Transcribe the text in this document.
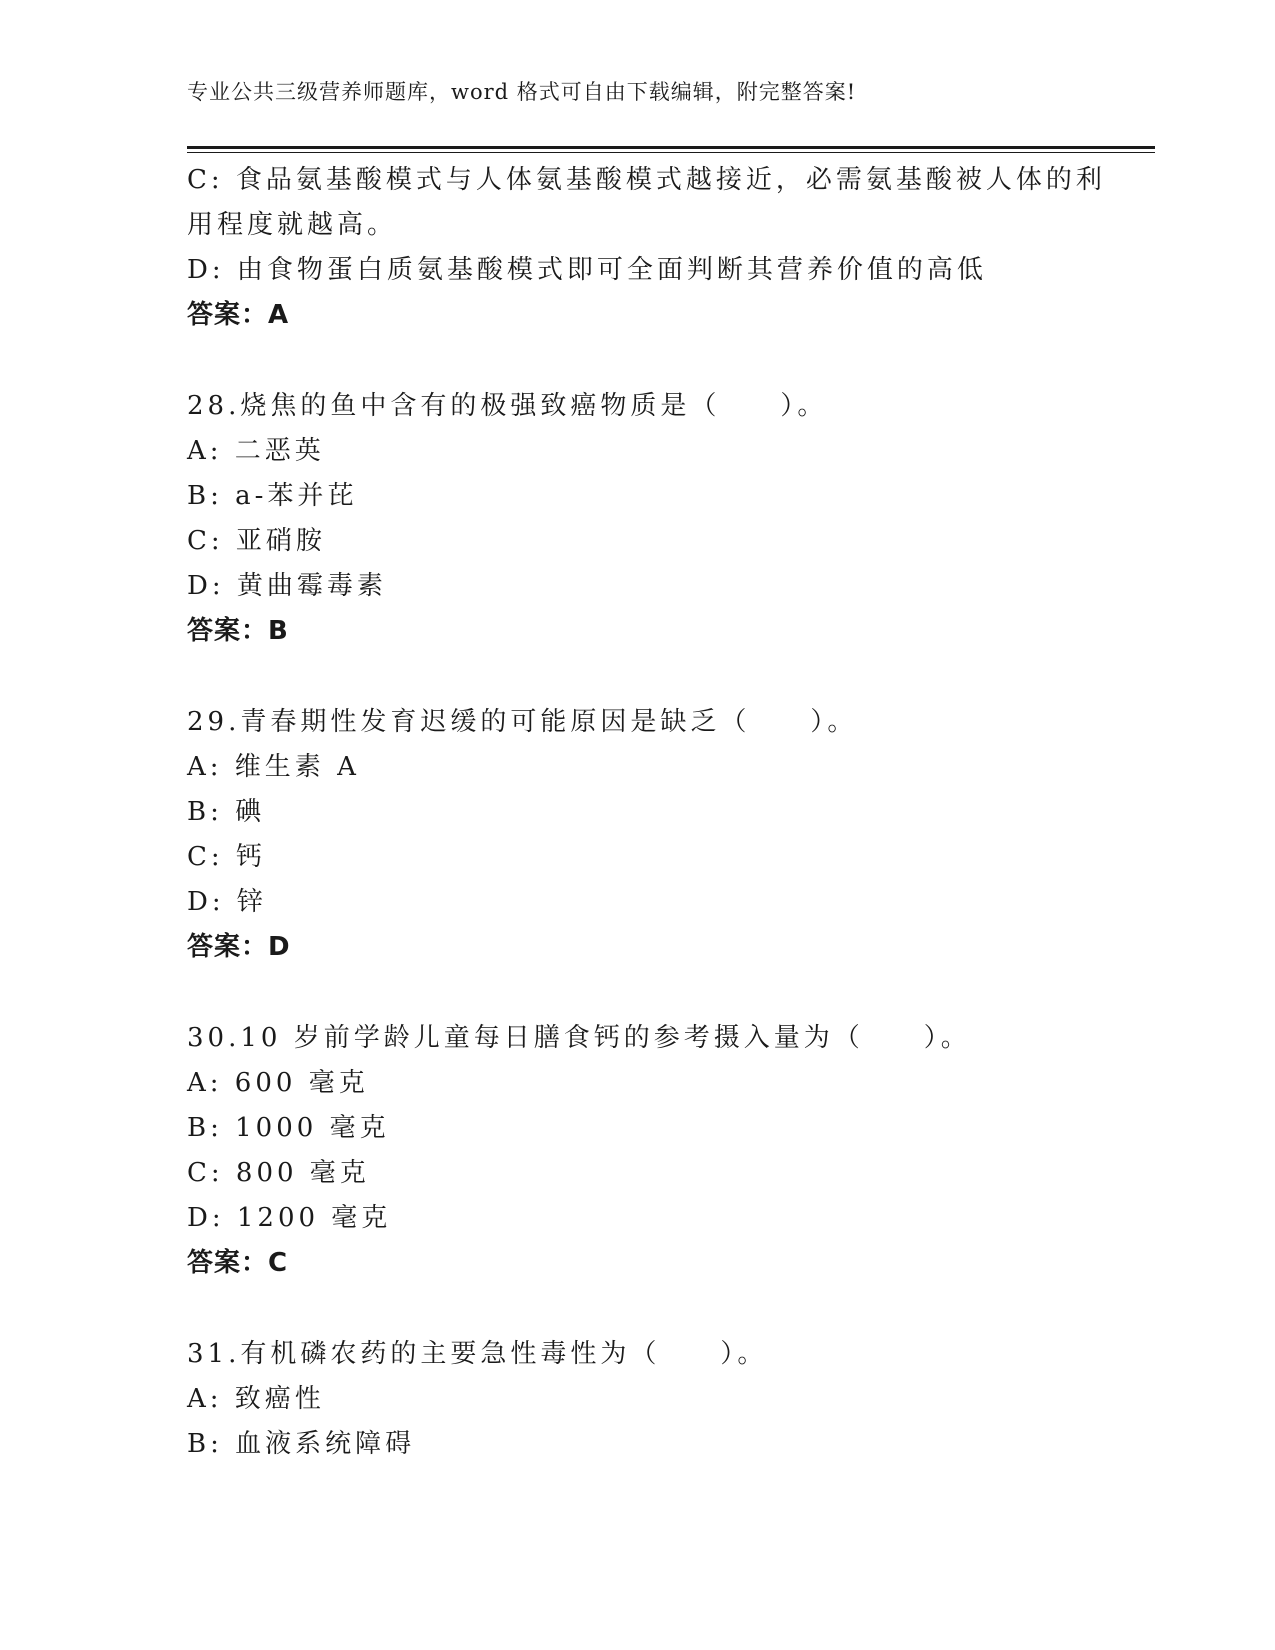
专业公共三级营养师题库，word 格式可自由下载编辑，附完整答案!
C: 食品氨基酸模式与人体氨基酸模式越接近，必需氨基酸被人体的利
用程度就越高。
D: 由食物蛋白质氨基酸模式即可全面判断其营养价值的高低
答案：A
28.烧焦的鱼中含有的极强致癌物质是（　　）。
A: 二恶英
B: a-苯并芘
C: 亚硝胺
D: 黄曲霉毒素
答案：B
29.青春期性发育迟缓的可能原因是缺乏（　　）。
A: 维生素 A
B: 碘
C: 钙
D: 锌
答案：D
30.10 岁前学龄儿童每日膳食钙的参考摄入量为（　　）。
A: 600 毫克
B: 1000 毫克
C: 800 毫克
D: 1200 毫克
答案：C
31.有机磷农药的主要急性毒性为（　　）。
A: 致癌性
B: 血液系统障碍
